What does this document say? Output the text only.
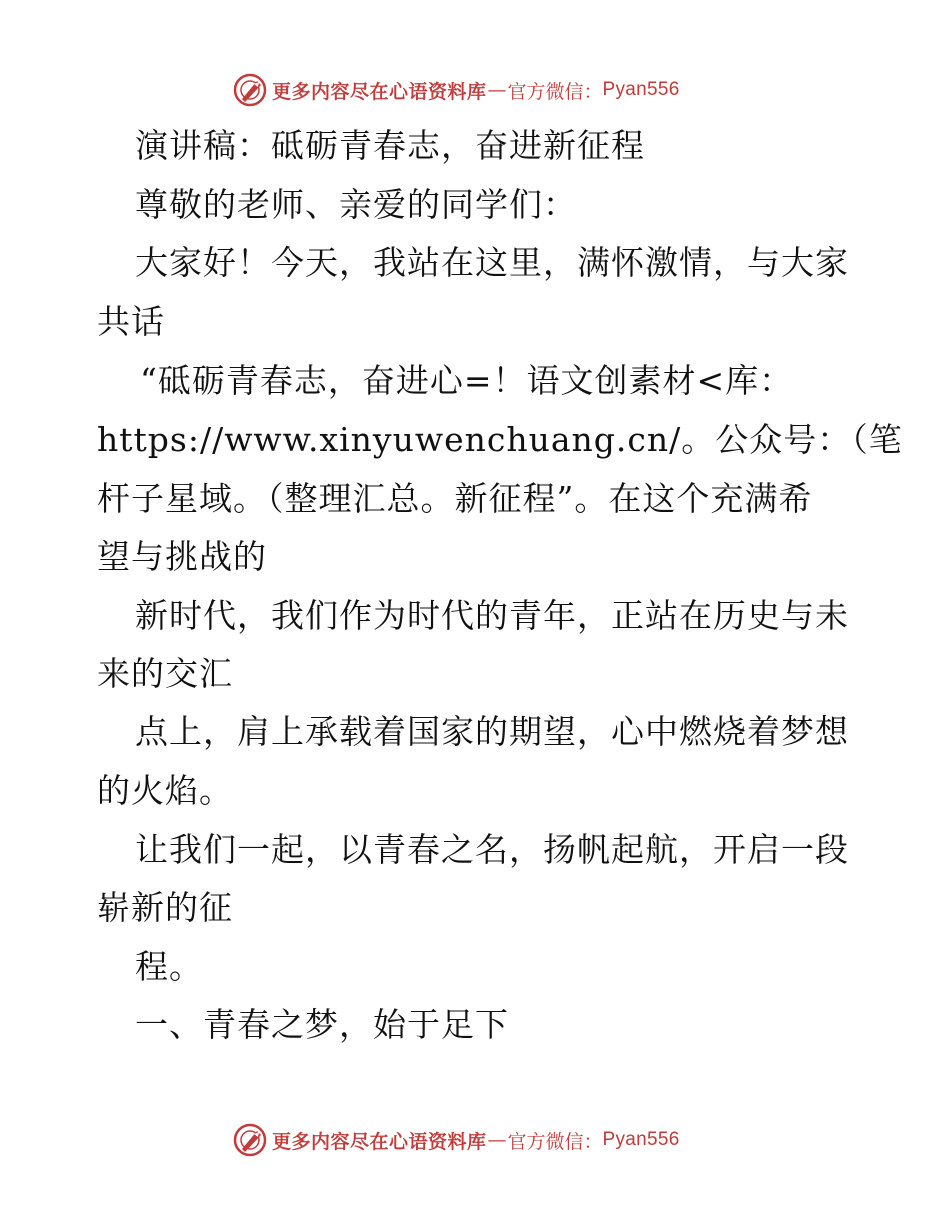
更多内容尽在心语资料库 — 官方微信： Pyan556
演讲稿：砥砺青春志，奋进新征程
尊敬的老师、亲爱的同学们：
大家好！今天，我站在这里，满怀激情，与大家
共话
“砥砺青春志，奋进心=！语文创素材<库：
https://www.xinyuwenchuang.cn/。公众号：（笔
杆子星域。（整理汇总。新征程”。在这个充满希
望与挑战的
新时代，我们作为时代的青年，正站在历史与未
来的交汇
点上，肩上承载着国家的期望，心中燃烧着梦想
的火焰。
让我们一起，以青春之名，扬帆起航，开启一段
崭新的征
程。
一、青春之梦，始于足下
更多内容尽在心语资料库 — 官方微信： Pyan556
